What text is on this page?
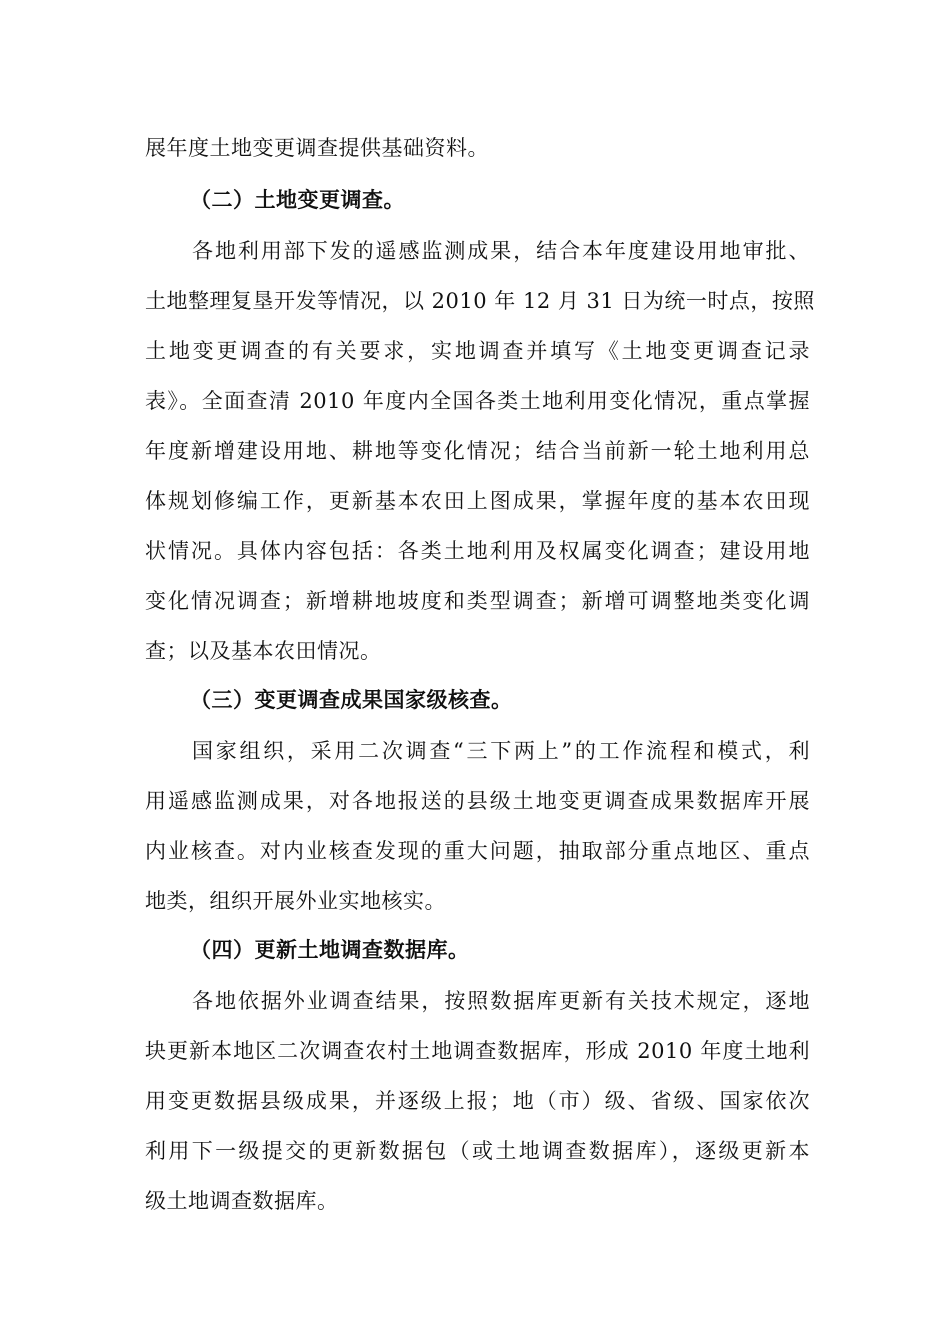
展年度土地变更调查提供基础资料。
（二）土地变更调查。
各地利用部下发的遥感监测成果，结合本年度建设用地审批、
土地整理复垦开发等情况，以 2010 年 12 月 31 日为统一时点，按照
土地变更调查的有关要求，实地调查并填写《土地变更调查记录
表》。全面查清 2010 年度内全国各类土地利用变化情况，重点掌握
年度新增建设用地、耕地等变化情况；结合当前新一轮土地利用总
体规划修编工作，更新基本农田上图成果，掌握年度的基本农田现
状情况。具体内容包括：各类土地利用及权属变化调查；建设用地
变化情况调查；新增耕地坡度和类型调查；新增可调整地类变化调
查；以及基本农田情况。
（三）变更调查成果国家级核查。
国家组织，采用二次调查“三下两上”的工作流程和模式，利
用遥感监测成果，对各地报送的县级土地变更调查成果数据库开展
内业核查。对内业核查发现的重大问题，抽取部分重点地区、重点
地类，组织开展外业实地核实。
（四）更新土地调查数据库。
各地依据外业调查结果，按照数据库更新有关技术规定，逐地
块更新本地区二次调查农村土地调查数据库，形成 2010 年度土地利
用变更数据县级成果，并逐级上报；地（市）级、省级、国家依次
利用下一级提交的更新数据包（或土地调查数据库），逐级更新本
级土地调查数据库。
